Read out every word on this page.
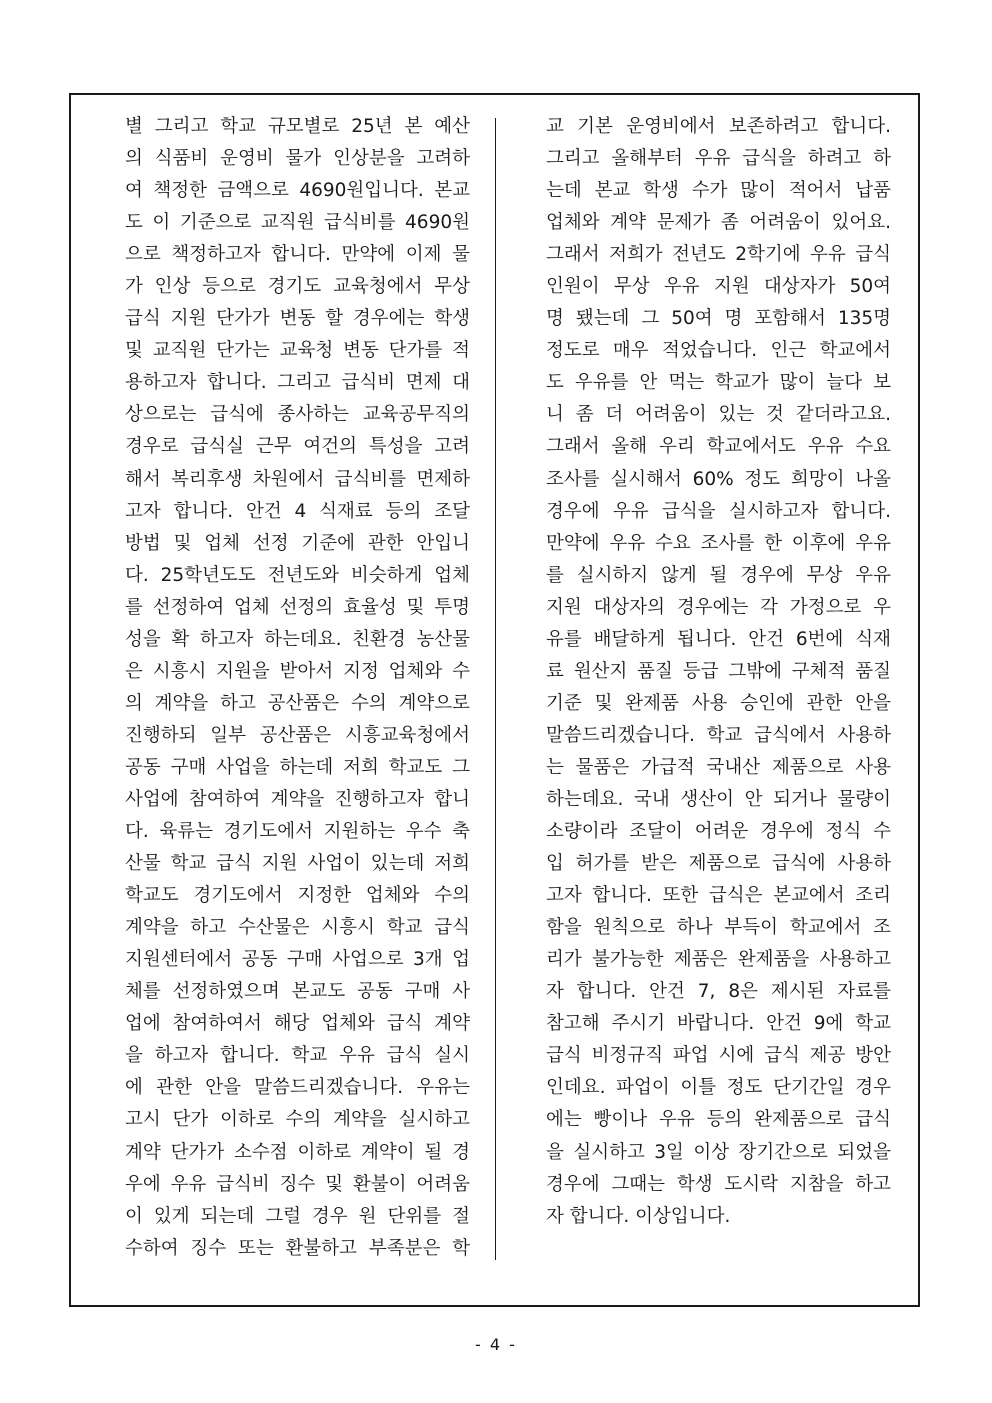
별 그리고 학교 규모별로 25년 본 예산
의 식품비 운영비 물가 인상분을 고려하
여 책정한 금액으로 4690원입니다. 본교
도 이 기준으로 교직원 급식비를 4690원
으로 책정하고자 합니다. 만약에 이제 물
가 인상 등으로 경기도 교육청에서 무상
급식 지원 단가가 변동 할 경우에는 학생
및 교직원 단가는 교육청 변동 단가를 적
용하고자 합니다. 그리고 급식비 면제 대
상으로는 급식에 종사하는 교육공무직의
경우로 급식실 근무 여건의 특성을 고려
해서 복리후생 차원에서 급식비를 면제하
고자 합니다. 안건 4 식재료 등의 조달
방법 및 업체 선정 기준에 관한 안입니
다. 25학년도도 전년도와 비슷하게 업체
를 선정하여 업체 선정의 효율성 및 투명
성을 확 하고자 하는데요. 친환경 농산물
은 시흥시 지원을 받아서 지정 업체와 수
의 계약을 하고 공산품은 수의 계약으로
진행하되 일부 공산품은 시흥교육청에서
공동 구매 사업을 하는데 저희 학교도 그
사업에 참여하여 계약을 진행하고자 합니
다. 육류는 경기도에서 지원하는 우수 축
산물 학교 급식 지원 사업이 있는데 저희
학교도 경기도에서 지정한 업체와 수의
계약을 하고 수산물은 시흥시 학교 급식
지원센터에서 공동 구매 사업으로 3개 업
체를 선정하였으며 본교도 공동 구매 사
업에 참여하여서 해당 업체와 급식 계약
을 하고자 합니다. 학교 우유 급식 실시
에 관한 안을 말씀드리겠습니다. 우유는
고시 단가 이하로 수의 계약을 실시하고
계약 단가가 소수점 이하로 계약이 될 경
우에 우유 급식비 징수 및 환불이 어려움
이 있게 되는데 그럴 경우 원 단위를 절
수하여 징수 또는 환불하고 부족분은 학
교 기본 운영비에서 보존하려고 합니다.
그리고 올해부터 우유 급식을 하려고 하
는데 본교 학생 수가 많이 적어서 납품
업체와 계약 문제가 좀 어려움이 있어요.
그래서 저희가 전년도 2학기에 우유 급식
인원이 무상 우유 지원 대상자가 50여
명 됐는데 그 50여 명 포함해서 135명
정도로 매우 적었습니다. 인근 학교에서
도 우유를 안 먹는 학교가 많이 늘다 보
니 좀 더 어려움이 있는 것 같더라고요.
그래서 올해 우리 학교에서도 우유 수요
조사를 실시해서 60% 정도 희망이 나올
경우에 우유 급식을 실시하고자 합니다.
만약에 우유 수요 조사를 한 이후에 우유
를 실시하지 않게 될 경우에 무상 우유
지원 대상자의 경우에는 각 가정으로 우
유를 배달하게 됩니다. 안건 6번에 식재
료 원산지 품질 등급 그밖에 구체적 품질
기준 및 완제품 사용 승인에 관한 안을
말씀드리겠습니다. 학교 급식에서 사용하
는 물품은 가급적 국내산 제품으로 사용
하는데요. 국내 생산이 안 되거나 물량이
소량이라 조달이 어려운 경우에 정식 수
입 허가를 받은 제품으로 급식에 사용하
고자 합니다. 또한 급식은 본교에서 조리
함을 원칙으로 하나 부득이 학교에서 조
리가 불가능한 제품은 완제품을 사용하고
자 합니다. 안건 7, 8은 제시된 자료를
참고해 주시기 바랍니다. 안건 9에 학교
급식 비정규직 파업 시에 급식 제공 방안
인데요. 파업이 이틀 정도 단기간일 경우
에는 빵이나 우유 등의 완제품으로 급식
을 실시하고 3일 이상 장기간으로 되었을
경우에 그때는 학생 도시락 지참을 하고
자 합니다. 이상입니다.
- 4 -
